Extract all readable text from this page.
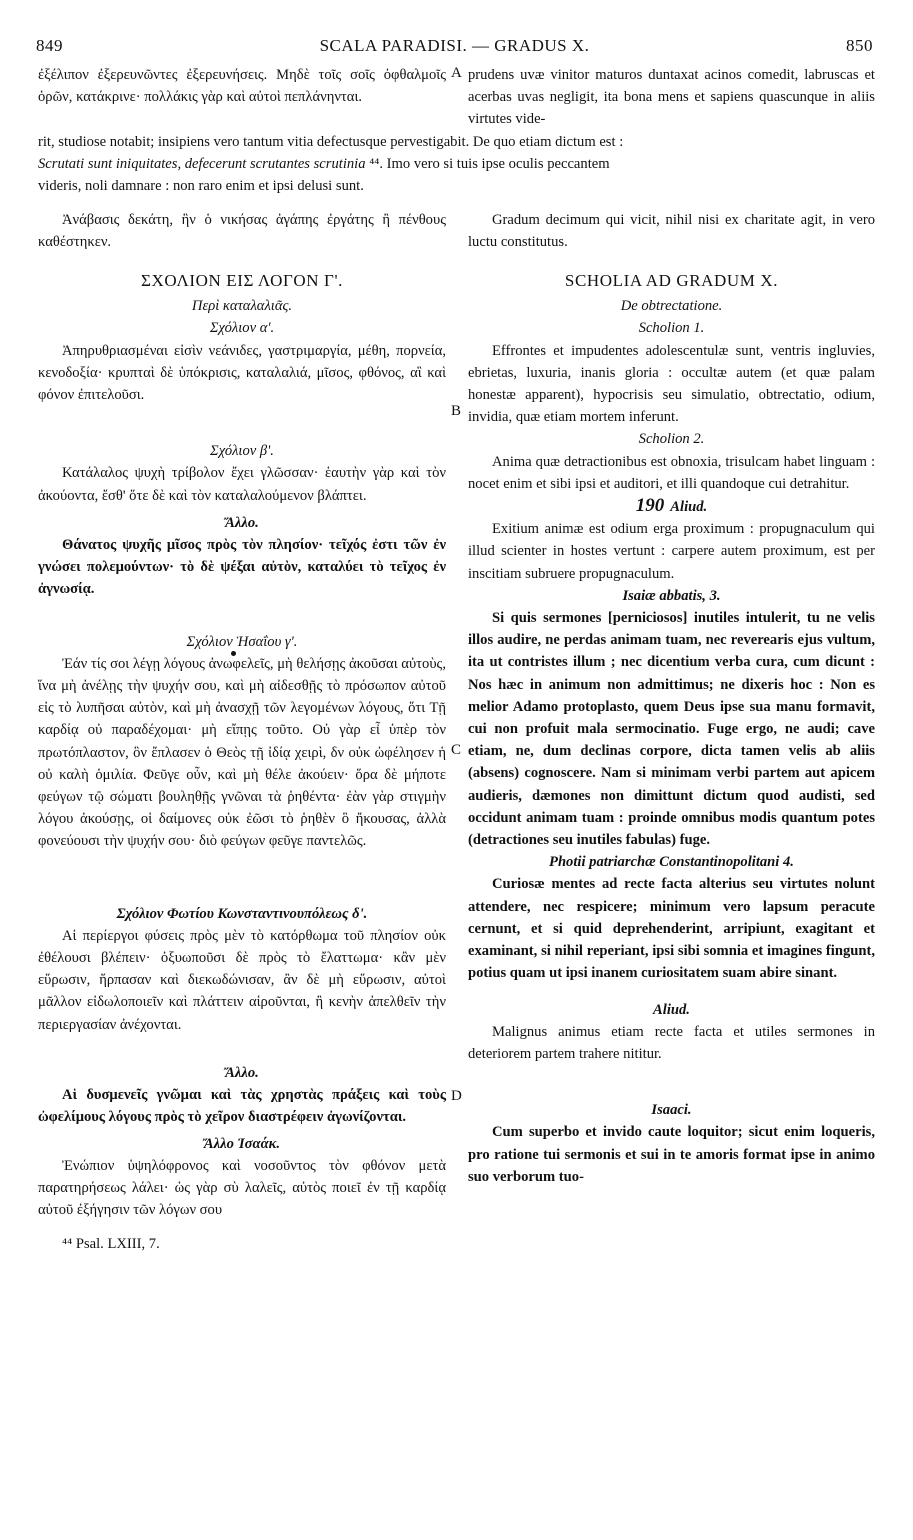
849	SCALA PARADISI. — GRADUS X.	850

ἐξέλιπον ἐξερευνῶντες ἐξερευνήσεις. Μηδὲ τοῖς σοῖς ὀφθαλμοῖς ὁρῶν, κατάκρινε· πολλάκις γὰρ καὶ αὐτοὶ πεπλάνηνται.

A prudens uvæ vinitor maturos duntaxat acinos comedit, labruscas et acerbas uvas negligit, ita bona mens et sapiens quascunque in aliis virtutes vide-

rit, studiose notabit; insipiens vero tantum vitia defectusque pervestigabit. De quo etiam dictum est :

Scrutati sunt iniquitates, defecerunt scrutantes scrutinia ⁴⁴. Imo vero si tuis ipse oculis peccantem

videris, noli damnare : non raro enim et ipsi delusi sunt.

Ἀνάβασις δεκάτη, ἣν ὁ νικήσας ἀγάπης ἐργάτης ἢ πένθους καθέστηκεν.

Gradum decimum qui vicit, nihil nisi ex charitate agit, in vero luctu constitutus.

ΣΧΟΛΙΟΝ ΕΙΣ ΛΟΓΟΝ Γ'.

Περὶ καταλαλιᾶς.

Σχόλιον α'.

Ἀπηρυθριασμέναι εἰσὶν νεάνιδες, γαστριμαργία, μέθη, πορνεία, κενοδοξία· κρυπταὶ δὲ ὑπόκρισις, καταλαλιά, μῖσος, φθόνος, αἳ καὶ φόνον ἐπιτελοῦσι.

Σχόλιον β'.

Κατάλαλος ψυχὴ τρίβολον ἔχει γλῶσσαν· ἑαυτὴν γὰρ καὶ τὸν ἀκούοντα, ἔσθ' ὅτε δὲ καὶ τὸν καταλαλούμενον βλάπτει.

Ἄλλο.

Θάνατος ψυχῆς μῖσος πρὸς τὸν πλησίον· τεῖχός ἐστι τῶν ἐν γνώσει πολεμούντων· τὸ δὲ ψέξαι αὐτὸν, καταλύει τὸ τεῖχος ἐν ἀγνωσίᾳ.

Σχόλιον Ἡσαΐου γ'.

Ἐάν τίς σοι λέγῃ λόγους ἀνωφελεῖς, μὴ θελήσῃς ἀκοῦσαι αὐτοὺς, ἵνα μὴ ἀνέλῃς τὴν ψυχήν σου, καὶ μὴ αἰδεσθῇς τὸ πρόσωπον αὐτοῦ εἰς τὸ λυπῆσαι αὐτὸν, καὶ μὴ ἀνασχῇ τῶν λεγομένων λόγους, ὅτι Τῇ καρδίᾳ οὐ παραδέχομαι· μὴ εἴπῃς τοῦτο. Οὐ γὰρ εἶ ὑπὲρ τὸν πρωτόπλαστον, ὃν ἔπλασεν ὁ Θεὸς τῇ ἰδίᾳ χειρὶ, δν οὐκ ὠφέλησεν ἡ οὐ καλὴ ὁμιλία. Φεῦγε οὖν, καὶ μὴ θέλε ἀκούειν· ὅρα δὲ μήποτε φεύγων τῷ σώματι βουληθῇς γνῶναι τὰ ῥηθέντα· ἐὰν γὰρ στιγμὴν λόγου ἀκούσῃς, οἱ δαίμονες οὐκ ἐῶσι τὸ ῥηθὲν ὃ ἤκουσας, ἀλλὰ φονεύουσι τὴν ψυχήν σου· διὸ φεύγων φεῦγε παντελῶς.

Σχόλιον Φωτίου Κωνσταντινουπόλεως δ'.

Αἱ περίεργοι φύσεις πρὸς μὲν τὸ κατόρθωμα τοῦ πλησίον οὐκ ἐθέλουσι βλέπειν· ὀξυωποῦσι δὲ πρὸς τὸ ἔλαττωμα· κἂν μὲν εὕρωσιν, ἥρπασαν καὶ διεκωδώνισαν, ἂν δὲ μὴ εὕρωσιν, αὐτοὶ μᾶλλον εἰδωλοποιεῖν καὶ πλάττειν αἱροῦνται, ἢ κενὴν ἀπελθεῖν τὴν περιεργασίαν ἀνέχονται.

Ἄλλο.

Αἱ δυσμενεῖς γνῶμαι καὶ τὰς χρηστὰς πράξεις καὶ τοὺς ὠφελίμους λόγους πρὸς τὸ χεῖρον διαστρέφειν ἀγωνίζονται.

Ἄλλο Ἰσαάκ.

Ἐνώπιον ὑψηλόφρονος καὶ νοσοῦντος τὸν φθόνον μετὰ παρατηρήσεως λάλει· ὡς γὰρ σὺ λαλεῖς, αὐτὸς ποιεῖ ἐν τῇ καρδίᾳ αὐτοῦ ἐξήγησιν τῶν λόγων σου

⁴⁴ Psal. LXIII, 7.

B
C
D

SCHOLIA AD GRADUM X.

De obtrectatione.

Scholion 1.

Effrontes et impudentes adolescentulæ sunt, ventris ingluvies, ebrietas, luxuria, inanis gloria : occultæ autem (et quæ palam honestæ apparent), hypocrisis seu simulatio, obtrectatio, odium, invidia, quæ etiam mortem inferunt.

Scholion 2.

Anima quæ detractionibus est obnoxia, trisulcam habet linguam : nocet enim et sibi ipsi et auditori, et illi quandoque cui detrahitur.

190 Aliud.

Exitium animæ est odium erga proximum : propugnaculum qui illud scienter in hostes vertunt : carpere autem proximum, est per inscitiam subruere propugnaculum.

Isaiæ abbatis, 3.

Si quis sermones [perniciosos] inutiles intulerit, tu ne velis illos audire, ne perdas animam tuam, nec reverearis ejus vultum, ita ut contristes illum ; nec dicentium verba cura, cum dicunt : Nos hæc in animum non admittimus; ne dixeris hoc : Non es melior Adamo protoplasto, quem Deus ipse sua manu formavit, cui non profuit mala sermocinatio. Fuge ergo, ne audi; cave etiam, ne, dum declinas corpore, dicta tamen velis ab aliis (absens) cognoscere. Nam si minimam verbi partem aut apicem audieris, dæmones non dimittunt dictum quod audisti, sed occidunt animam tuam : proinde omnibus modis quantum potes (detractiones seu inutiles fabulas) fuge.

Photii patriarchæ Constantinopolitani 4.

Curiosæ mentes ad recte facta alterius seu virtutes nolunt attendere, nec respicere; minimum vero lapsum peracute cernunt, et si quid deprehenderint, arripiunt, exagitant et examinant, si nihil reperiant, ipsi sibi somnia et imagines fingunt, potius quam ut ipsi inanem curiositatem suam abire sinant.

Aliud.

Malignus animus etiam recte facta et utiles sermones in deteriorem partem trahere nititur.

Isaaci.

Cum superbo et invido caute loquitor; sicut enim loqueris, pro ratione tui sermonis et sui in te amoris format ipse in animo suo verborum tuo-
